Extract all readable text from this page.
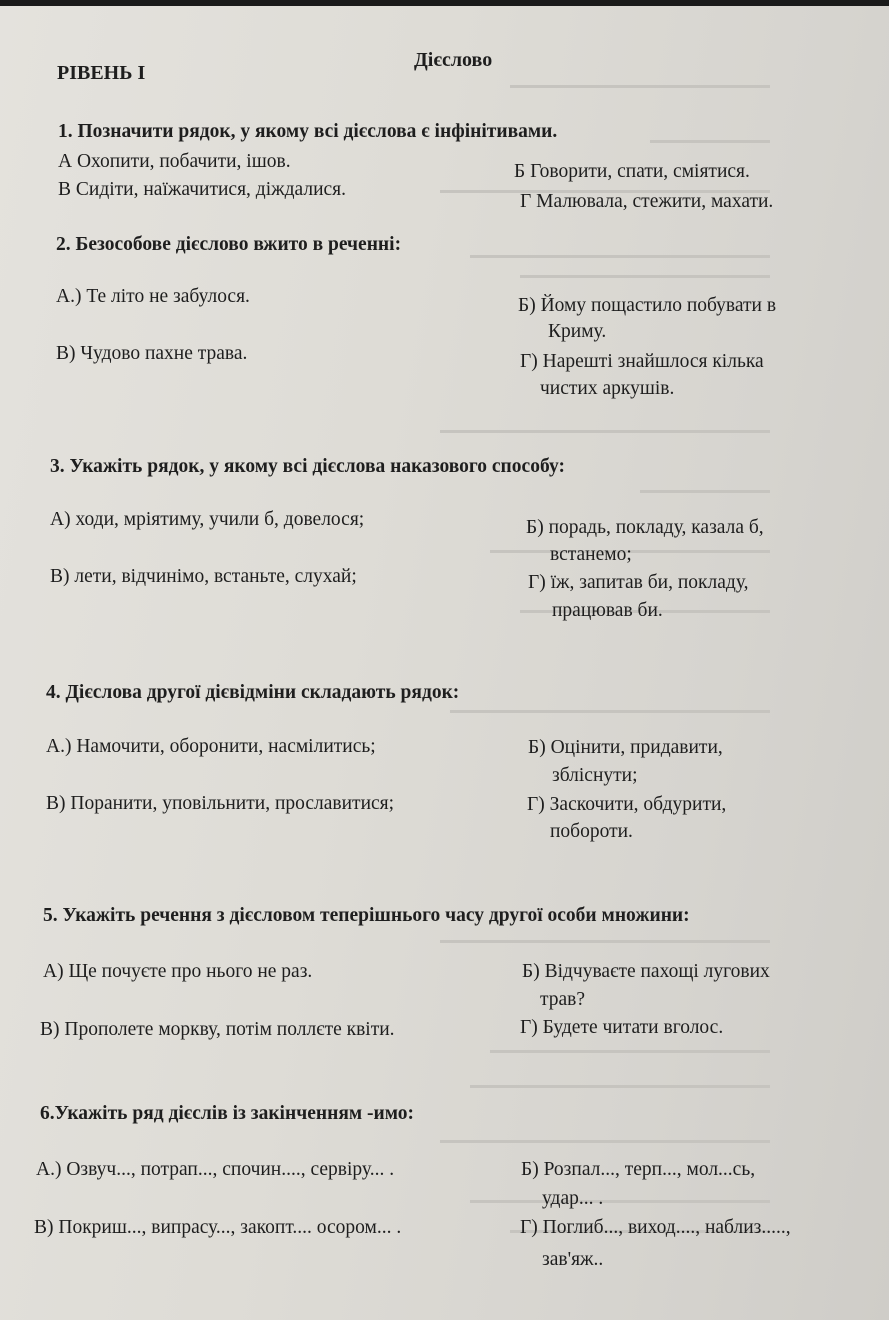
РІВЕНЬ І
Дієслово
1. Позначити рядок, у якому всі дієслова є інфінітивами.
А Охопити, побачити, ішов.	Б Говорити, спати, сміятися.
В Сидіти, наїжачитися, діждалися.
Г Малювала, стежити, махати.
2. Безособове дієслово вжито в реченні:
А.) Те літо не забулося.	Б) Йому пощастило побувати в
Криму.
В) Чудово пахне трава.	Г) Нарешті знайшлося кілька
чистих аркушів.
3. Укажіть рядок, у якому всі дієслова наказового способу:
А) ходи, мріятиму, учили б, довелося;	Б) порадь, покладу, казала б,
встанемо;
В) лети, відчинімо, встаньте, слухай;	Г) їж, запитав би, покладу,
працював би.
4. Дієслова другої дієвідміни складають рядок:
А.) Намочити, оборонити, насмілитись;	Б) Оцінити, придавити,
збліснути;
В) Поранити, уповільнити, прославитися;	Г) Заскочити, обдурити,
побороти.
5. Укажіть речення з дієсловом теперішнього часу другої особи множини:
А) Ще почуєте про нього не раз.	Б) Відчуваєте пахощі лугових
трав?
В) Прополете моркву, потім поллєте квіти.	Г) Будете читати вголос.
6.Укажіть ряд дієслів із закінченням -имо:
А.) Озвуч..., потрап..., спочин...., сервіру... .	Б) Розпал..., терп..., мол...сь,
удар... .
В) Покриш..., випрасу..., закопт.... осором... .	Г) Поглиб..., виход...., наблиз.....,
зав'яж..
